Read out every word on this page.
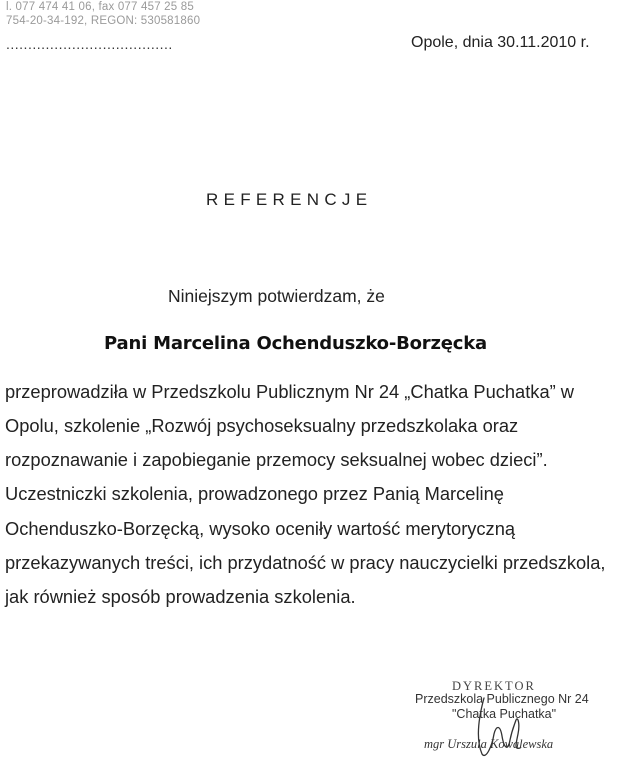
l. 077 474 41 06, fax 077 457 25 85
754-20-34-192, REGON: 530581860
......................................	Opole, dnia 30.11.2010 r.
REFERENCJE
Niniejszym potwierdzam, że
Pani Marcelina Ochenduszko-Borzęcka
przeprowadziła w Przedszkolu Publicznym Nr 24 „Chatka Puchatka” w
Opolu, szkolenie „Rozwój psychoseksualny przedszkolaka oraz
rozpoznawanie i zapobieganie przemocy seksualnej wobec dzieci”.
Uczestniczki szkolenia, prowadzonego przez Panią Marcelinę
Ochenduszko-Borzęcką, wysoko oceniły wartość merytoryczną
przekazywanych treści, ich przydatność w pracy nauczycielki przedszkola,
jak również sposób prowadzenia szkolenia.
DYREKTOR
Przedszkola Publicznego Nr 24
"Chatka Puchatka"
mgr Urszula Kowalewska
